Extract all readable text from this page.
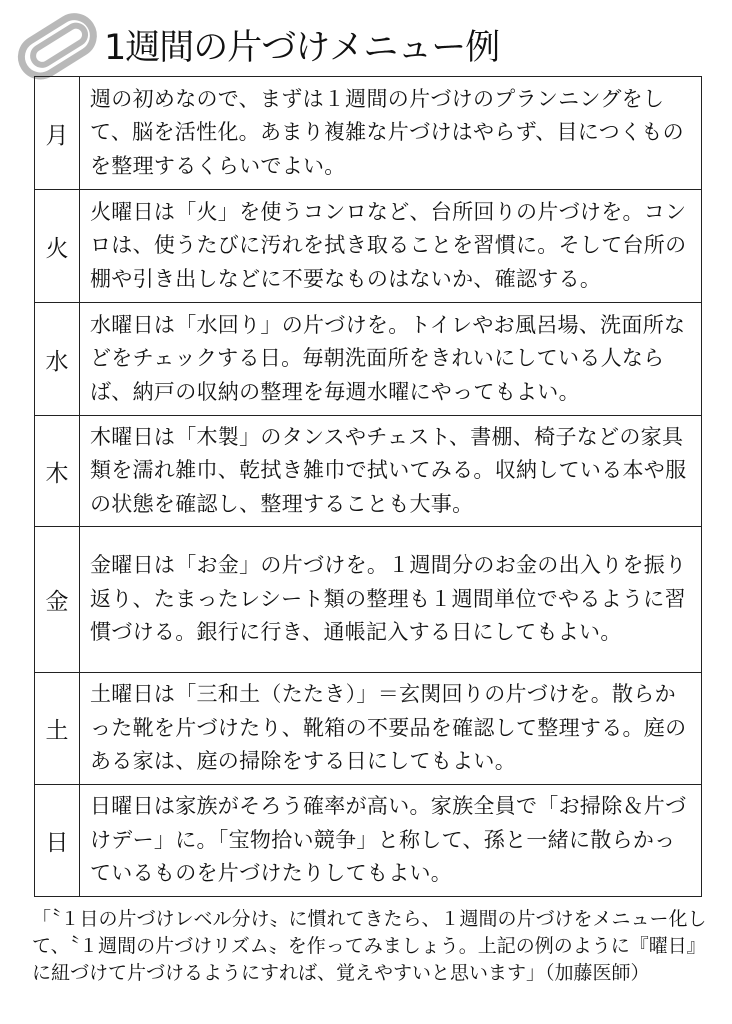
1週間の片づけメニュー例
月	週の初めなので、まずは１週間の片づけのプランニングをして、脳を活性化。あまり複雑な片づけはやらず、目につくものを整理するくらいでよい。
火	火曜日は「火」を使うコンロなど、台所回りの片づけを。コンロは、使うたびに汚れを拭き取ることを習慣に。そして台所の棚や引き出しなどに不要なものはないか、確認する。
水	水曜日は「水回り」の片づけを。トイレやお風呂場、洗面所などをチェックする日。毎朝洗面所をきれいにしている人ならば、納戸の収納の整理を毎週水曜にやってもよい。
木	木曜日は「木製」のタンスやチェスト、書棚、椅子などの家具類を濡れ雑巾、乾拭き雑巾で拭いてみる。収納している本や服の状態を確認し、整理することも大事。
金	金曜日は「お金」の片づけを。１週間分のお金の出入りを振り返り、たまったレシート類の整理も１週間単位でやるように習慣づける。銀行に行き、通帳記入する日にしてもよい。
土	土曜日は「三和土（たたき）」＝玄関回りの片づけを。散らかった靴を片づけたり、靴箱の不要品を確認して整理する。庭のある家は、庭の掃除をする日にしてもよい。
日	日曜日は家族がそろう確率が高い。家族全員で「お掃除＆片づけデー」に。「宝物拾い競争」と称して、孫と一緒に散らかっているものを片づけたりしてもよい。

「〝１日の片づけレベル分け〟に慣れてきたら、１週間の片づけをメニュー化して、〝１週間の片づけリズム〟を作ってみましょう。上記の例のように『曜日』に紐づけて片づけるようにすれば、覚えやすいと思います」（加藤医師）
